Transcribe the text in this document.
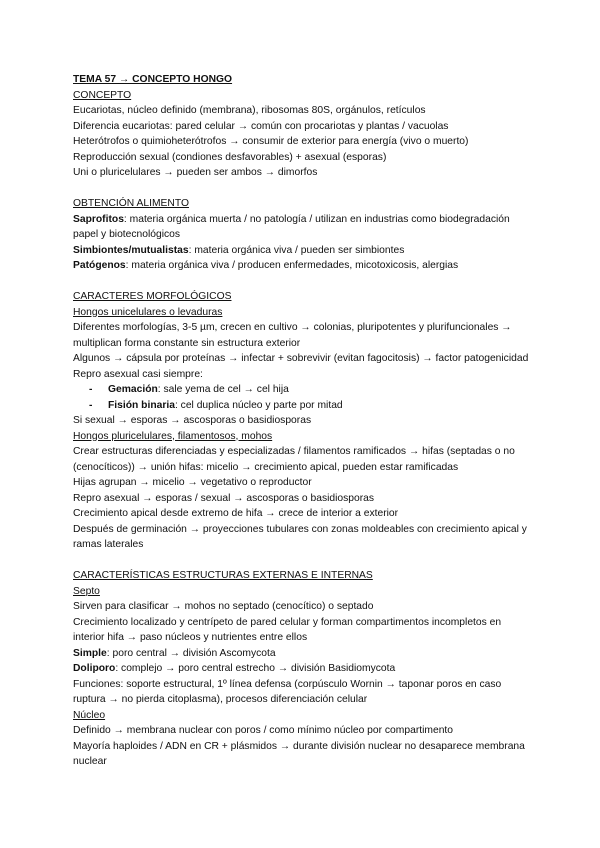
TEMA 57 → CONCEPTO HONGO

CONCEPTO

Eucariotas, núcleo definido (membrana), ribosomas 80S, orgánulos, retículos

Diferencia eucariotas: pared celular → común con procariotas y plantas / vacuolas

Heterótrofos o quimioheterótrofos → consumir de exterior para energía (vivo o muerto)

Reproducción sexual (condiones desfavorables) + asexual (esporas)

Uni o pluricelulares → pueden ser ambos → dimorfos

OBTENCIÓN ALIMENTO

Saprofitos: materia orgánica muerta / no patología / utilizan en industrias como biodegradación

papel y biotecnológicos

Simbiontes/mutualistas: materia orgánica viva / pueden ser simbiontes

Patógenos: materia orgánica viva / producen enfermedades, micotoxicosis, alergias

CARACTERES MORFOLÓGICOS

Hongos unicelulares o levaduras

Diferentes morfologías, 3-5 µm, crecen en cultivo → colonias, pluripotentes y plurifuncionales →

multiplican forma constante sin estructura exterior

Algunos → cápsula por proteínas → infectar + sobrevivir (evitan fagocitosis) → factor patogenicidad

Repro asexual casi siempre:

- Gemación: sale yema de cel → cel hija

- Fisión binaria: cel duplica núcleo y parte por mitad

Si sexual → esporas → ascosporas o basidiosporas

Hongos pluricelulares, filamentosos, mohos

Crear estructuras diferenciadas y especializadas / filamentos ramificados → hifas (septadas o no

(cenocíticos)) → unión hifas: micelio → crecimiento apical, pueden estar ramificadas

Hijas agrupan → micelio → vegetativo o reproductor

Repro asexual → esporas / sexual → ascosporas o basidiosporas

Crecimiento apical desde extremo de hifa → crece de interior a exterior

Después de germinación → proyecciones tubulares con zonas moldeables con crecimiento apical y

ramas laterales

CARACTERÍSTICAS ESTRUCTURAS EXTERNAS E INTERNAS

Septo

Sirven para clasificar → mohos no septado (cenocítico) o septado

Crecimiento localizado y centrípeto de pared celular y forman compartimentos incompletos en

interior hifa → paso núcleos y nutrientes entre ellos

Simple: poro central → división Ascomycota

Doliporo: complejo → poro central estrecho → división Basidiomycota

Funciones: soporte estructural, 1º línea defensa (corpúsculo Wornin → taponar poros en caso

ruptura → no pierda citoplasma), procesos diferenciación celular

Núcleo

Definido → membrana nuclear con poros / como mínimo núcleo por compartimento

Mayoría haploides / ADN en CR + plásmidos → durante división nuclear no desaparece membrana

nuclear
